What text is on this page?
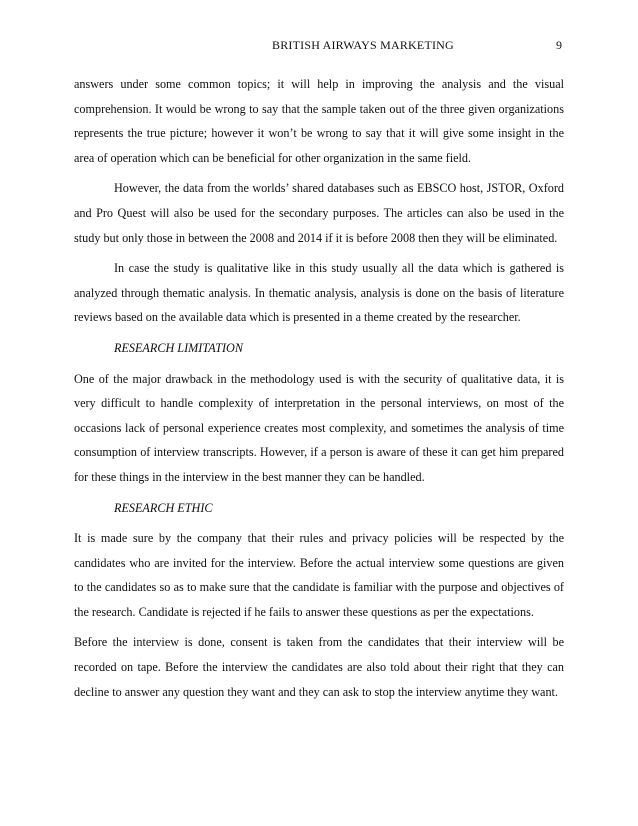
BRITISH AIRWAYS MARKETING	9

answers under some common topics; it will help in improving the analysis and the visual comprehension. It would be wrong to say that the sample taken out of the three given organizations represents the true picture; however it won’t be wrong to say that it will give some insight in the area of operation which can be beneficial for other organization in the same field.

However, the data from the worlds’ shared databases such as EBSCO host, JSTOR, Oxford and Pro Quest will also be used for the secondary purposes. The articles can also be used in the study but only those in between the 2008 and 2014 if it is before 2008 then they will be eliminated.

In case the study is qualitative like in this study usually all the data which is gathered is analyzed through thematic analysis. In thematic analysis, analysis is done on the basis of literature reviews based on the available data which is presented in a theme created by the researcher.

RESEARCH LIMITATION

One of the major drawback in the methodology used is with the security of qualitative data, it is very difficult to handle complexity of interpretation in the personal interviews, on most of the occasions lack of personal experience creates most complexity, and sometimes the analysis of time consumption of interview transcripts. However, if a person is aware of these it can get him prepared for these things in the interview in the best manner they can be handled.

RESEARCH ETHIC

It is made sure by the company that their rules and privacy policies will be respected by the candidates who are invited for the interview. Before the actual interview some questions are given to the candidates so as to make sure that the candidate is familiar with the purpose and objectives of the research. Candidate is rejected if he fails to answer these questions as per the expectations.

Before the interview is done, consent is taken from the candidates that their interview will be recorded on tape. Before the interview the candidates are also told about their right that they can decline to answer any question they want and they can ask to stop the interview anytime they want.
